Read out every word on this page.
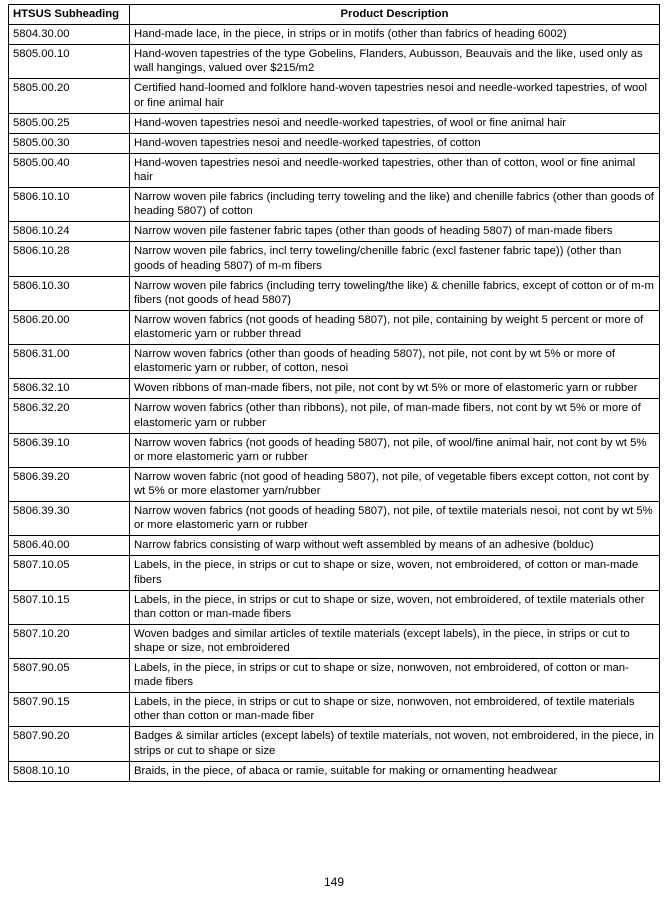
HTSUS Subheading	Product Description
5804.30.00	Hand-made lace, in the piece, in strips or in motifs (other than fabrics of heading 6002)
5805.00.10	Hand-woven tapestries of the type Gobelins, Flanders, Aubusson, Beauvais and the like, used only as wall hangings, valued over $215/m2
5805.00.20	Certified hand-loomed and folklore hand-woven tapestries nesoi and needle-worked tapestries, of wool or fine animal hair
5805.00.25	Hand-woven tapestries nesoi and needle-worked tapestries, of wool or fine animal hair
5805.00.30	Hand-woven tapestries nesoi and needle-worked tapestries, of cotton
5805.00.40	Hand-woven tapestries nesoi and needle-worked tapestries, other than of cotton, wool or fine animal hair
5806.10.10	Narrow woven pile fabrics (including terry toweling and the like) and chenille fabrics (other than goods of heading 5807) of cotton
5806.10.24	Narrow woven pile fastener fabric tapes (other than goods of heading 5807) of man-made fibers
5806.10.28	Narrow woven pile fabrics, incl terry toweling/chenille fabric (excl fastener fabric tape)) (other than goods of heading 5807) of m-m fibers
5806.10.30	Narrow woven pile fabrics (including terry toweling/the like) & chenille fabrics, except of cotton or of m-m fibers (not goods of head 5807)
5806.20.00	Narrow woven fabrics (not goods of heading 5807), not pile, containing by weight 5 percent or more of elastomeric yarn or rubber thread
5806.31.00	Narrow woven fabrics (other than goods of heading 5807), not pile, not cont by wt 5% or more of elastomeric yarn or rubber, of cotton, nesoi
5806.32.10	Woven ribbons of man-made fibers, not pile, not cont by wt 5% or more of elastomeric yarn or rubber
5806.32.20	Narrow woven fabrics (other than ribbons), not pile, of man-made fibers, not cont by wt 5% or more of elastomeric yarn or rubber
5806.39.10	Narrow woven fabrics (not goods of heading 5807), not pile, of wool/fine animal hair, not cont by wt 5% or more elastomeric yarn or rubber
5806.39.20	Narrow woven fabric (not good of heading 5807), not pile, of vegetable fibers except cotton, not cont by wt 5% or more elastomer yarn/rubber
5806.39.30	Narrow woven fabrics (not goods of heading 5807), not pile, of textile materials nesoi, not cont by wt 5% or more elastomeric yarn or rubber
5806.40.00	Narrow fabrics consisting of warp without weft assembled by means of an adhesive (bolduc)
5807.10.05	Labels, in the piece, in strips or cut to shape or size, woven, not embroidered, of cotton or man-made fibers
5807.10.15	Labels, in the piece, in strips or cut to shape or size, woven, not embroidered, of textile materials other than cotton or man-made fibers
5807.10.20	Woven badges and similar articles of textile materials (except labels), in the piece, in strips or cut to shape or size, not embroidered
5807.90.05	Labels, in the piece, in strips or cut to shape or size, nonwoven, not embroidered, of cotton or man-made fibers
5807.90.15	Labels, in the piece, in strips or cut to shape or size, nonwoven, not embroidered, of textile materials other than cotton or man-made fiber
5807.90.20	Badges & similar articles (except labels) of textile materials, not woven, not embroidered, in the piece, in strips or cut to shape or size
5808.10.10	Braids, in the piece, of abaca or ramie, suitable for making or ornamenting headwear
149
